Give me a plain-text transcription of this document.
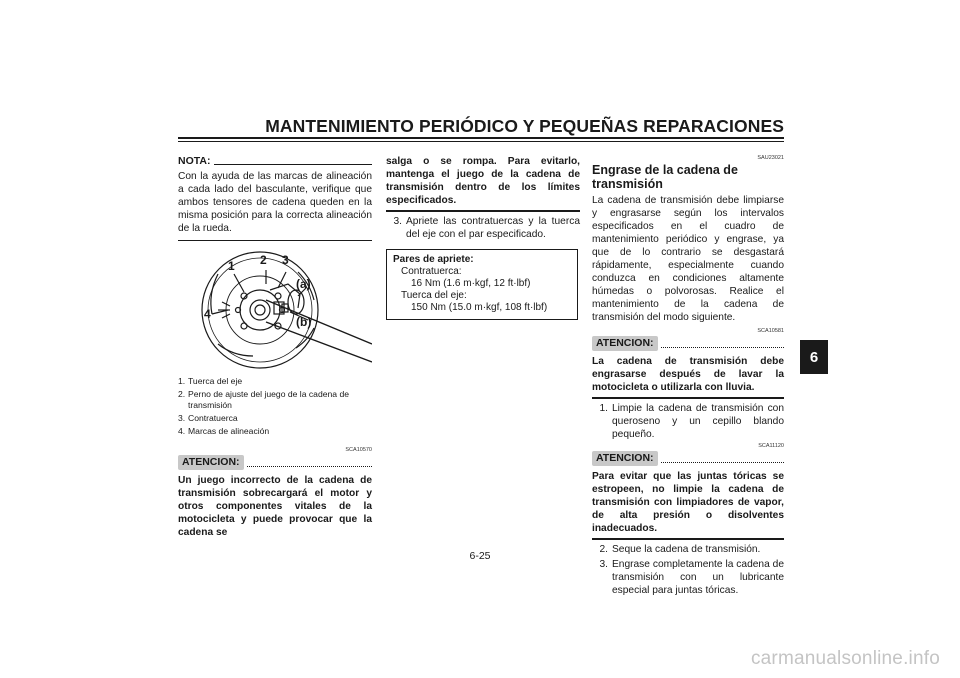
MANTENIMIENTO PERIÓDICO Y PEQUEÑAS REPARACIONES
NOTA:
Con la ayuda de las marcas de alineación a cada lado del basculante, verifique que ambos tensores de cadena queden en la misma posición para la correcta alineación de la rueda.
1 2 3
4
(a)
(b)
1. Tuerca del eje
2. Perno de ajuste del juego de la cadena de transmisión
3. Contratuerca
4. Marcas de alineación
SCA10570
ATENCION:
Un juego incorrecto de la cadena de transmisión sobrecargará el motor y otros componentes vitales de la motocicleta y puede provocar que la cadena se
salga o se rompa. Para evitarlo, mantenga el juego de la cadena de transmisión dentro de los límites especificados.
3. Apriete las contratuercas y la tuerca del eje con el par especificado.
Pares de apriete:
Contratuerca:
16 Nm (1.6 m·kgf, 12 ft·lbf)
Tuerca del eje:
150 Nm (15.0 m·kgf, 108 ft·lbf)
SAU23021
Engrase de la cadena de transmisión
La cadena de transmisión debe limpiarse y engrasarse según los intervalos especificados en el cuadro de mantenimiento periódico y engrase, ya que de lo contrario se desgastará rápidamente, especialmente cuando conduzca en condiciones altamente húmedas o polvorosas. Realice el mantenimiento de la cadena de transmisión del modo siguiente.
SCA10581
ATENCION:
La cadena de transmisión debe engrasarse después de lavar la motocicleta o utilizarla con lluvia.
1. Limpie la cadena de transmisión con queroseno y un cepillo blando pequeño.
SCA11120
ATENCION:
Para evitar que las juntas tóricas se estropeen, no limpie la cadena de transmisión con limpiadores de vapor, de alta presión o disolventes inadecuados.
2. Seque la cadena de transmisión.
3. Engrase completamente la cadena de transmisión con un lubricante especial para juntas tóricas.
6
6-25
carmanualsonline.info
